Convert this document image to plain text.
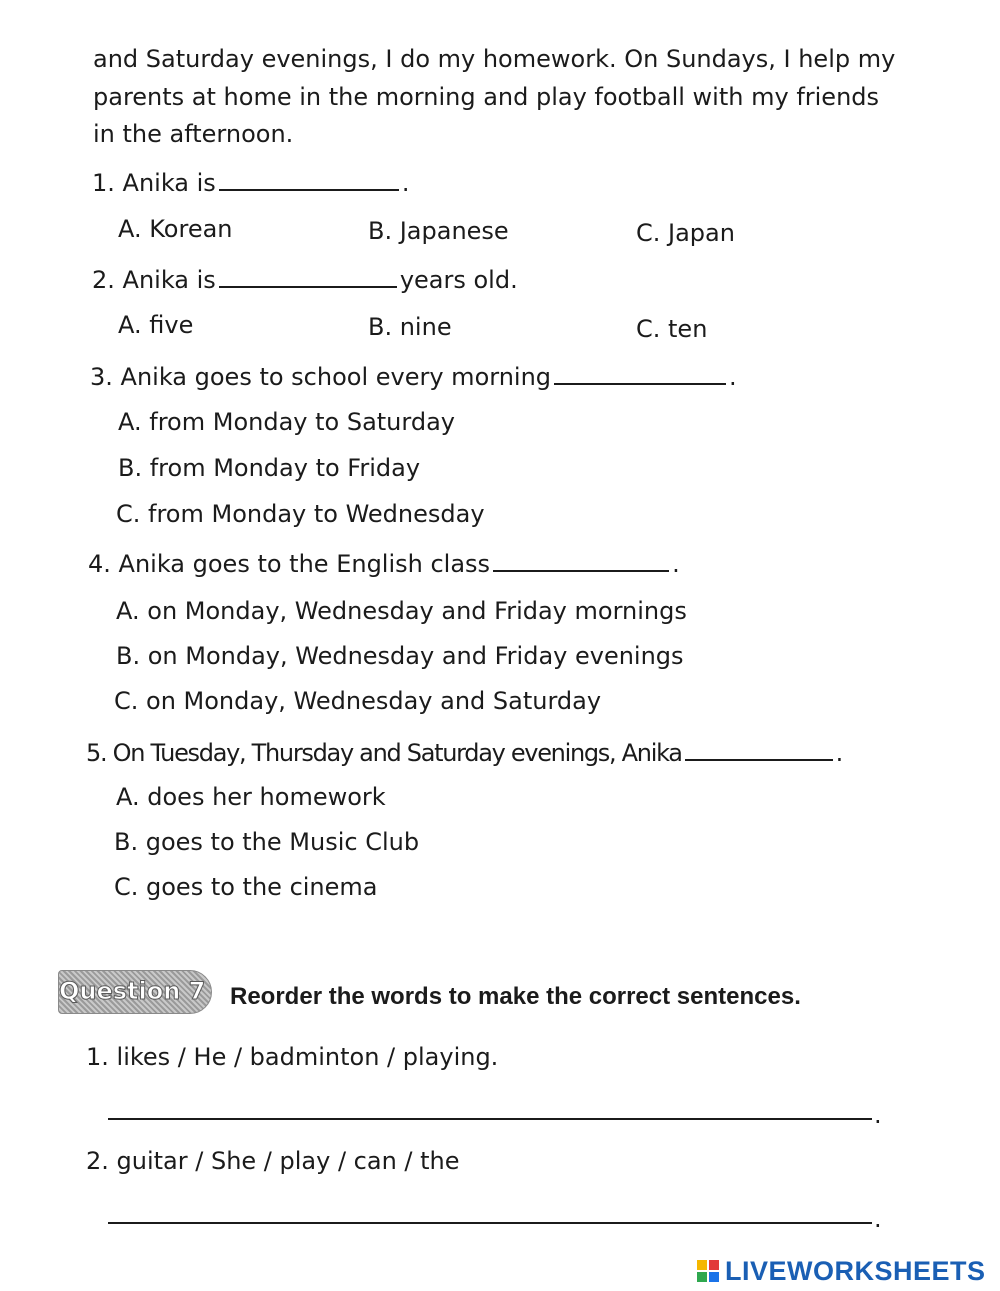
and Saturday evenings, I do my homework. On Sundays, I help my
parents at home in the morning and play football with my friends
in the afternoon.
1. Anika is	.
A. Korean	B. Japanese	C. Japan
2. Anika is	years old.
A. five	B. nine	C. ten
3. Anika goes to school every morning	.
A. from Monday to Saturday
B. from Monday to Friday
C. from Monday to Wednesday
4. Anika goes to the English class	.
A. on Monday, Wednesday and Friday mornings
B. on Monday, Wednesday and Friday evenings
C. on Monday, Wednesday and Saturday
5. On Tuesday, Thursday and Saturday evenings, Anika	.
A. does her homework
B. goes to the Music Club
C. goes to the cinema
Question 7 Reorder the words to make the correct sentences.
1. likes / He / badminton / playing.
.
2. guitar / She / play / can / the
.
LIVEWORKSHEETS
